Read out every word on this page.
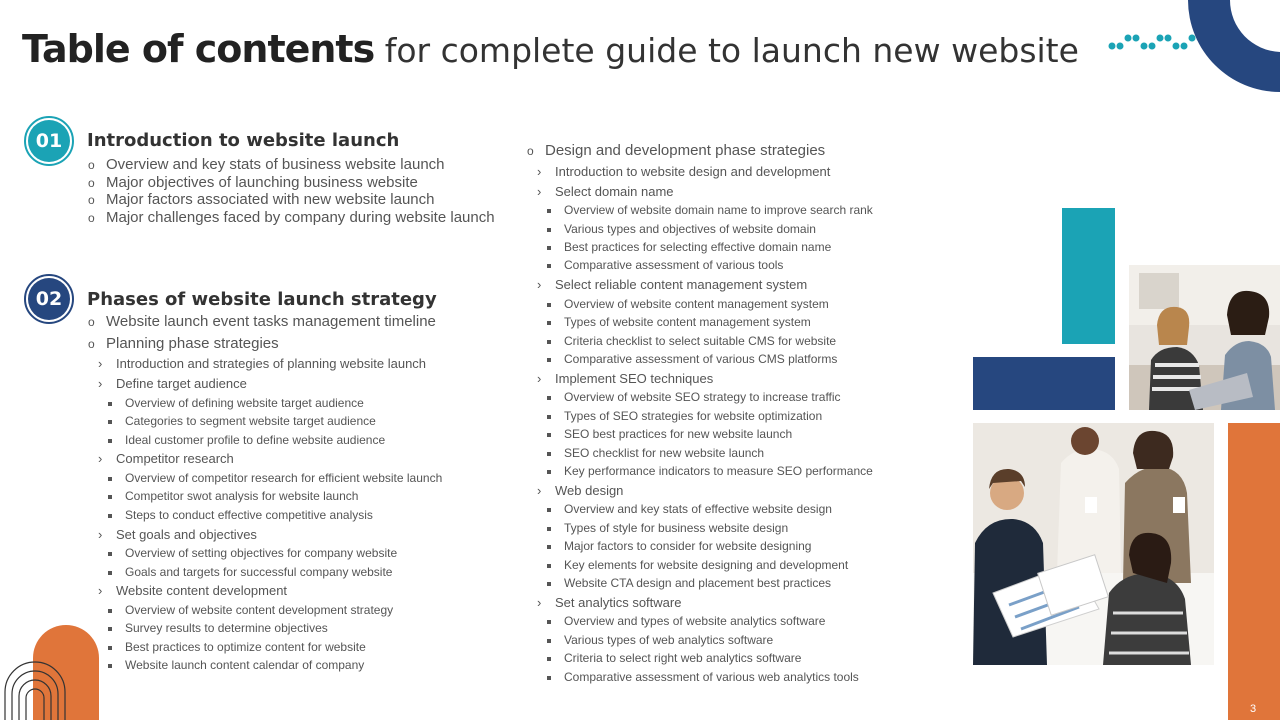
Table of contents for complete guide to launch new website
01	Introduction to website launch
o Overview and key stats of business website launch
o Major objectives of launching business website
o Major factors associated with new website launch
o Major challenges faced by company during website launch
02	Phases of website launch strategy
o Website launch event tasks management timeline
o Planning phase strategies
› Introduction and strategies of planning website launch
› Define target audience
Overview of defining website target audience
Categories to segment website target audience
Ideal customer profile to define website audience
› Competitor research
Overview of competitor research for efficient website launch
Competitor swot analysis for website launch
Steps to conduct effective competitive analysis
› Set goals and objectives
Overview of setting objectives for company website
Goals and targets for successful company website
› Website content development
Overview of website content development strategy
Survey results to determine objectives
Best practices to optimize content for website
Website launch content calendar of company
o Design and development phase strategies
› Introduction to website design and development
› Select domain name
Overview of website domain name to improve search rank
Various types and objectives of website domain
Best practices for selecting effective domain name
Comparative assessment of various tools
› Select reliable content management system
Overview of website content management system
Types of website content management system
Criteria checklist to select suitable CMS for website
Comparative assessment of various CMS platforms
› Implement SEO techniques
Overview of website SEO strategy to increase traffic
Types of SEO strategies for website optimization
SEO best practices for new website launch
SEO checklist for new website launch
Key performance indicators to measure SEO performance
› Web design
Overview and key stats of effective website design
Types of style for business website design
Major factors to consider for website designing
Key elements for website designing and development
Website CTA design and placement best practices
› Set analytics software
Overview and types of website analytics software
Various types of web analytics software
Criteria to select right web analytics software
Comparative assessment of various web analytics tools
3
